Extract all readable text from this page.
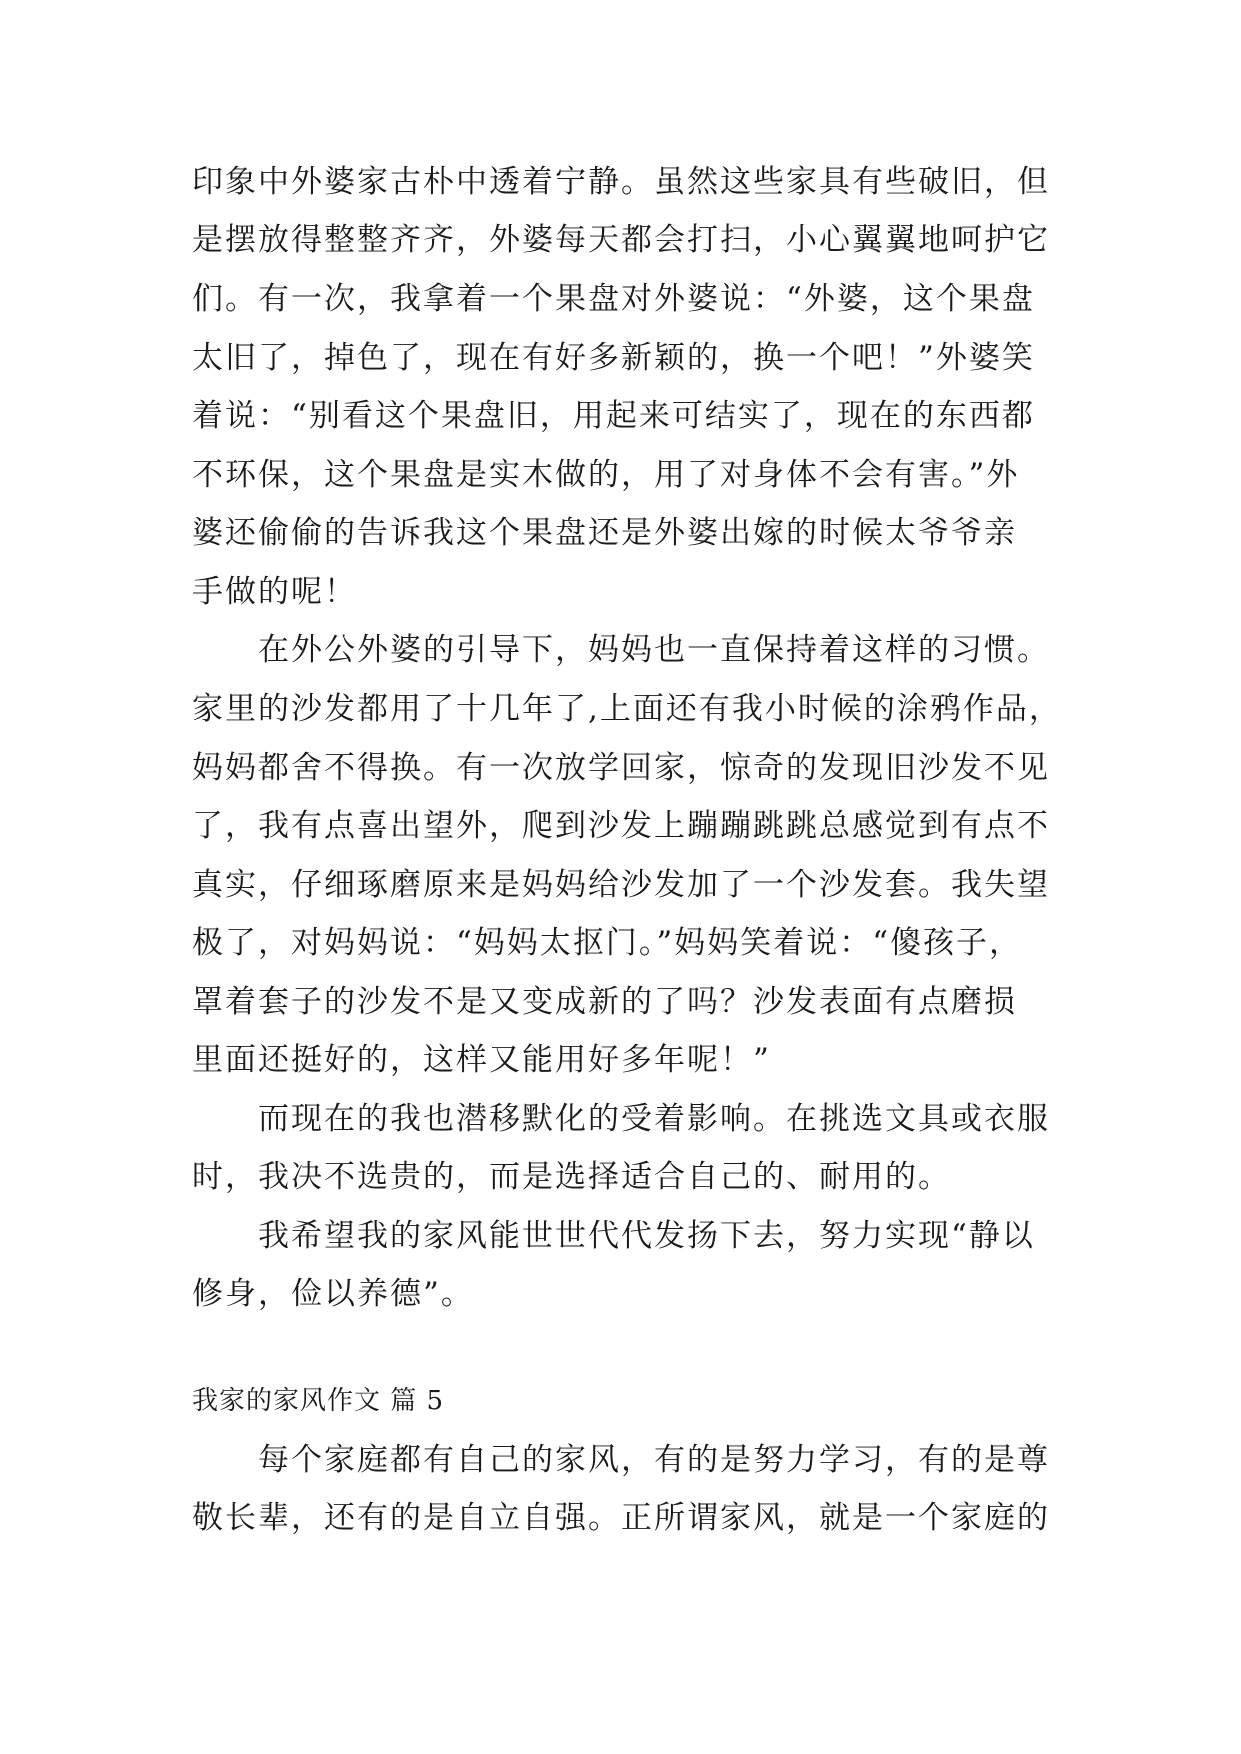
印象中外婆家古朴中透着宁静。虽然这些家具有些破旧，但
是摆放得整整齐齐，外婆每天都会打扫，小心翼翼地呵护它
们。有一次，我拿着一个果盘对外婆说：“外婆，这个果盘
太旧了，掉色了，现在有好多新颖的，换一个吧！”外婆笑
着说：“别看这个果盘旧，用起来可结实了，现在的东西都
不环保，这个果盘是实木做的，用了对身体不会有害。”外
婆还偷偷的告诉我这个果盘还是外婆出嫁的时候太爷爷亲
手做的呢！
在外公外婆的引导下，妈妈也一直保持着这样的习惯。
家里的沙发都用了十几年了,上面还有我小时候的涂鸦作品，
妈妈都舍不得换。有一次放学回家，惊奇的发现旧沙发不见
了，我有点喜出望外，爬到沙发上蹦蹦跳跳总感觉到有点不
真实，仔细琢磨原来是妈妈给沙发加了一个沙发套。我失望
极了，对妈妈说：“妈妈太抠门。”妈妈笑着说：“傻孩子，
罩着套子的沙发不是又变成新的了吗？沙发表面有点磨损
里面还挺好的，这样又能用好多年呢！”
而现在的我也潜移默化的受着影响。在挑选文具或衣服
时，我决不选贵的，而是选择适合自己的、耐用的。
我希望我的家风能世世代代发扬下去，努力实现“静以
修身，俭以养德”。
我家的家风作文 篇 5
每个家庭都有自己的家风，有的是努力学习，有的是尊
敬长辈，还有的是自立自强。正所谓家风，就是一个家庭的
